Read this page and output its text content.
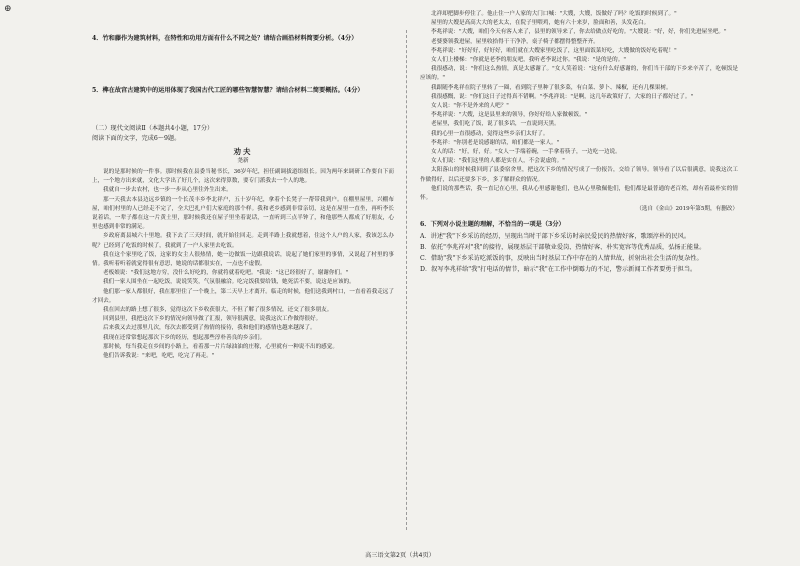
⊕

4．竹和藤作为建筑材料，在特性和功用方面有什么不同之处？请结合画沿材料简要分析。（4分）

5．榫在故宫古建筑中的运用体现了我国古代工匠的哪些智慧智慧？请结合材料二简要概括。（4分）

（二）现代文阅读Ⅱ（本题共4小题，17分）

阅读下面的文字，完成6～9题。

劝夫

尧新

说的是那时候的一件事。那时候我在县委当秘书长，36岁年纪，担任副调拔道组组长。因为两年来调研工作要自下而上，一个地方出来就，文化大学出了好几个，这次来得算数，要专门派我去一个人的地。

我就自一步去农村，也一步一步从心里往外生出来。

那一天我去本县边远乡镇的一个长茂丰乡李北祥户，五十岁年纪，拿着个长凳子一帮带我到户。在棚里屋里，兴棚布屋，咱们村里的人已经走不完了，全大巴扎户们大家庭的那个样。我和老乡感到非常亲切，这是在屋里一直坐，再听李长说着话，一辈子都在这一片黄土里，那时候我还在屋子里坐着说话，一直听到三点半钟了，和他那些人都成了好朋友，心里也感到非常的满足。

乡政府离县城六十里地。我下去了三天时间，就开始往回走。走到半路上我就想着，住这个人户的人家，我该怎么办呢？已经到了吃饭的时候了，我就到了一户人家里去吃饭。

我在这个家里吃了饭，这家的女主人很热情，她一边做饭一边跟我说话，说起了她们家里的事情，又说起了村里的事情。我听着听着就觉得很有意思，她说的话都很实在，一点也不虚假。

老板娘说："我们这地方穷，没什么好吃的，你就将就着吃吧。"我说："这已经很好了，谢谢你们。"

我们一家人围坐在一起吃饭，说说笑笑，气氛很融洽。吃完饭我要给钱，她死活不要，说这是应该的。

他们那一家人都很好，我在那里住了一个晚上，第二天早上才离开。临走的时候，他们送我到村口，一直看着我走远了才回去。

我在回去的路上想了很多，觉得这次下乡收获很大，不但了解了很多情况，还交了很多朋友。

回到县里，我把这次下乡的情况向领导做了汇报，领导很满意，说我这次工作做得很好。

后来我又去过那里几次，每次去都受到了热情的接待，我和他们的感情也越来越深了。

我现在还常常想起那次下乡的经历，想起那些淳朴善良的乡亲们。

那时候，每当我走在乡间的小路上，看着那一片片绿油油的庄稼，心里就有一种说不出的感觉。

他们告诉我说："来吧，吃吧，吃完了再走。"

北祥却把脚步停住了。他止住一户人家的大门口喊："大嫂，大嫂，饭做好了吗？吃饭的时候到了。"

屋里的大嫂是高高大大的老太太，在院子里喂鸡，她有六十来岁，脸面和善，头发花白。

李兆祥说："大嫂，咱们今天有客人来了，县里的领导来了，你去给做点好吃的。"大嫂说："好，好，你们先进屋坐吧。"

老婆婆领我进屋，屋里收拾得干干净净，桌子椅子都摆得整整齐齐。

李兆祥说："好好好，好好好，咱们就在大嫂家里吃饭了，这里面饭菜好吃，大嫂做的饭好吃着呢！"

女人们上楼梯："你就是老李的朋友吧，我听老李说过你。"我说："是的是的。"

我很感动，说："你们这么热情，真是太感谢了。"女人笑着说："这有什么好感谢的，你们当干部的下乡来辛苦了，吃顿饭是应该的。"

我跟随李兆祥在院子里转了一圈，看到院子里种了很多菜，有白菜、萝卜、辣椒，还有几棵果树。

我很感慨，说："你们这日子过得真不错啊。"李兆祥说："是啊，这几年政策好了，大家的日子都好过了。"

女人说："你不是外来的人吧？"

李兆祥说："大嫂，这是县里来的领导，你好好给人家做顿饭。"

老屋里，我们吃了饭，说了很多话，一直说到天黑。

我的心里一直很感动，觉得这些乡亲们太好了。

李兆祥："你别老是说感谢的话，咱们都是一家人。"

女人的话："好，好，好。"女人一手端着碗，一手拿着筷子，一边吃一边说。

女人们说："我们这里的人都是实在人，不会说虚的。"

太阳落山的时候我回到了县委宿舍里，把这次下乡的情况写成了一份报告，交给了领导。领导看了以后很满意，说我这次工作做得好，以后还要多下乡，多了解群众的情况。

他们说的那些话，我一直记在心里，我从心里感谢他们，也从心里敬佩他们，他们都是最普通的老百姓，却有着最朴实的情怀。

（选自《金山》2019年第5期，有删改）

6．下列对小说主题的理解，不恰当的一项是（3分）

A．讲述"我"下乡采访的经历，呈现出当时干部下乡采访时亲民爱民的热情好客，歌颂淳朴的民风。

B．依托"李兆祥对"我"的接待，展现基层干部敬业爱岗、热情好客、朴实宽容等优秀品质，弘扬正能量。

C．借助"我"下乡采访吃派饭的事，反映出当时基层工作中存在的人情世故，折射出社会生活的复杂性。

D．叙写李兆祥给"我"打电话的情节，暗示"我"在工作中倒霉力的不足，警示新闻工作者要勇于担当。

高三语文第2页（共4页）
